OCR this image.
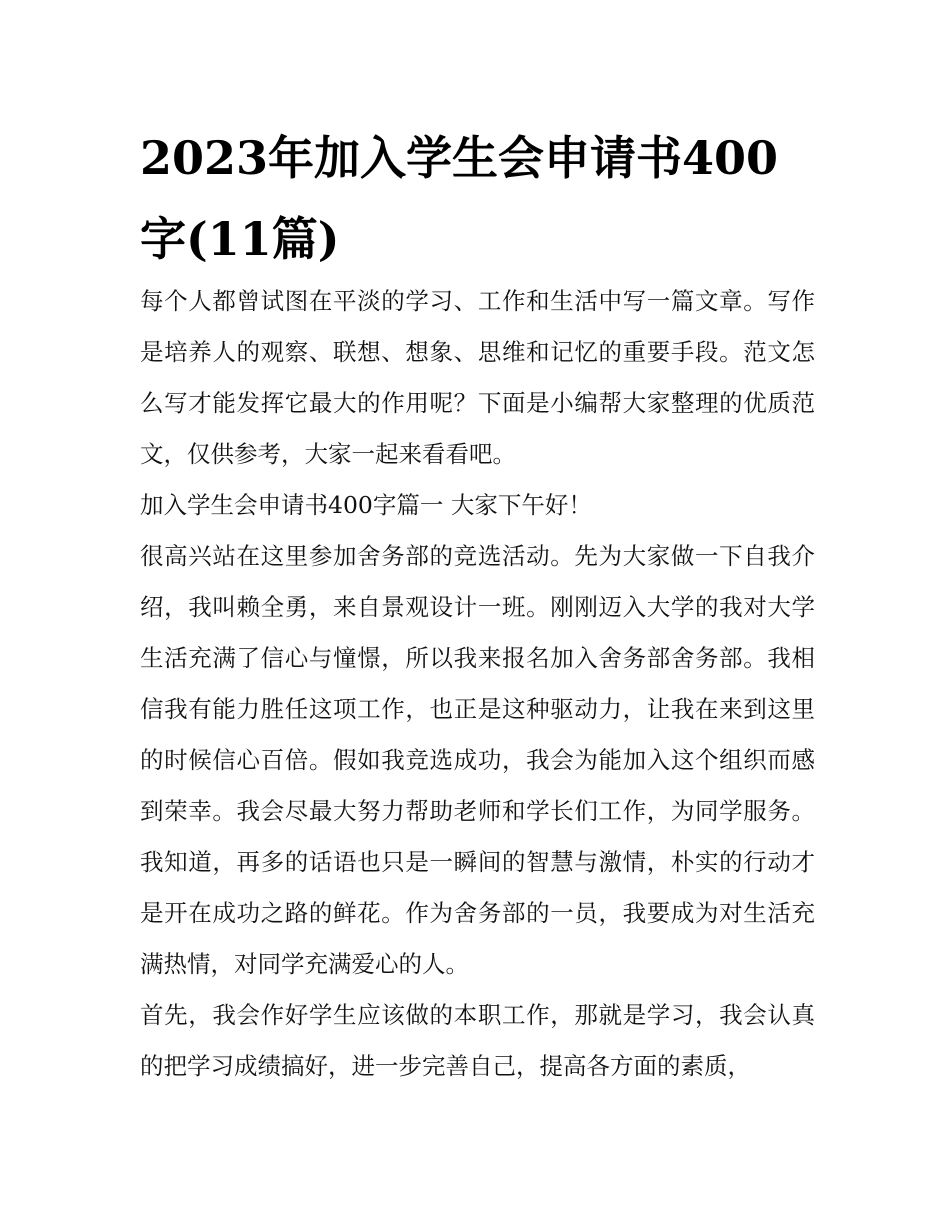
2023年加入学生会申请书400字(11篇)

每个人都曾试图在平淡的学习、工作和生活中写一篇文章。写作是培养人的观察、联想、想象、思维和记忆的重要手段。范文怎么写才能发挥它最大的作用呢？下面是小编帮大家整理的优质范文，仅供参考，大家一起来看看吧。

加入学生会申请书400字篇一 大家下午好！

很高兴站在这里参加舍务部的竞选活动。先为大家做一下自我介绍，我叫赖全勇，来自景观设计一班。刚刚迈入大学的我对大学生活充满了信心与憧憬，所以我来报名加入舍务部舍务部。我相信我有能力胜任这项工作，也正是这种驱动力，让我在来到这里的时候信心百倍。假如我竞选成功，我会为能加入这个组织而感到荣幸。我会尽最大努力帮助老师和学长们工作，为同学服务。我知道，再多的话语也只是一瞬间的智慧与激情，朴实的行动才是开在成功之路的鲜花。作为舍务部的一员，我要成为对生活充满热情，对同学充满爱心的人。

首先，我会作好学生应该做的本职工作，那就是学习，我会认真的把学习成绩搞好，进一步完善自己，提高各方面的素质，
